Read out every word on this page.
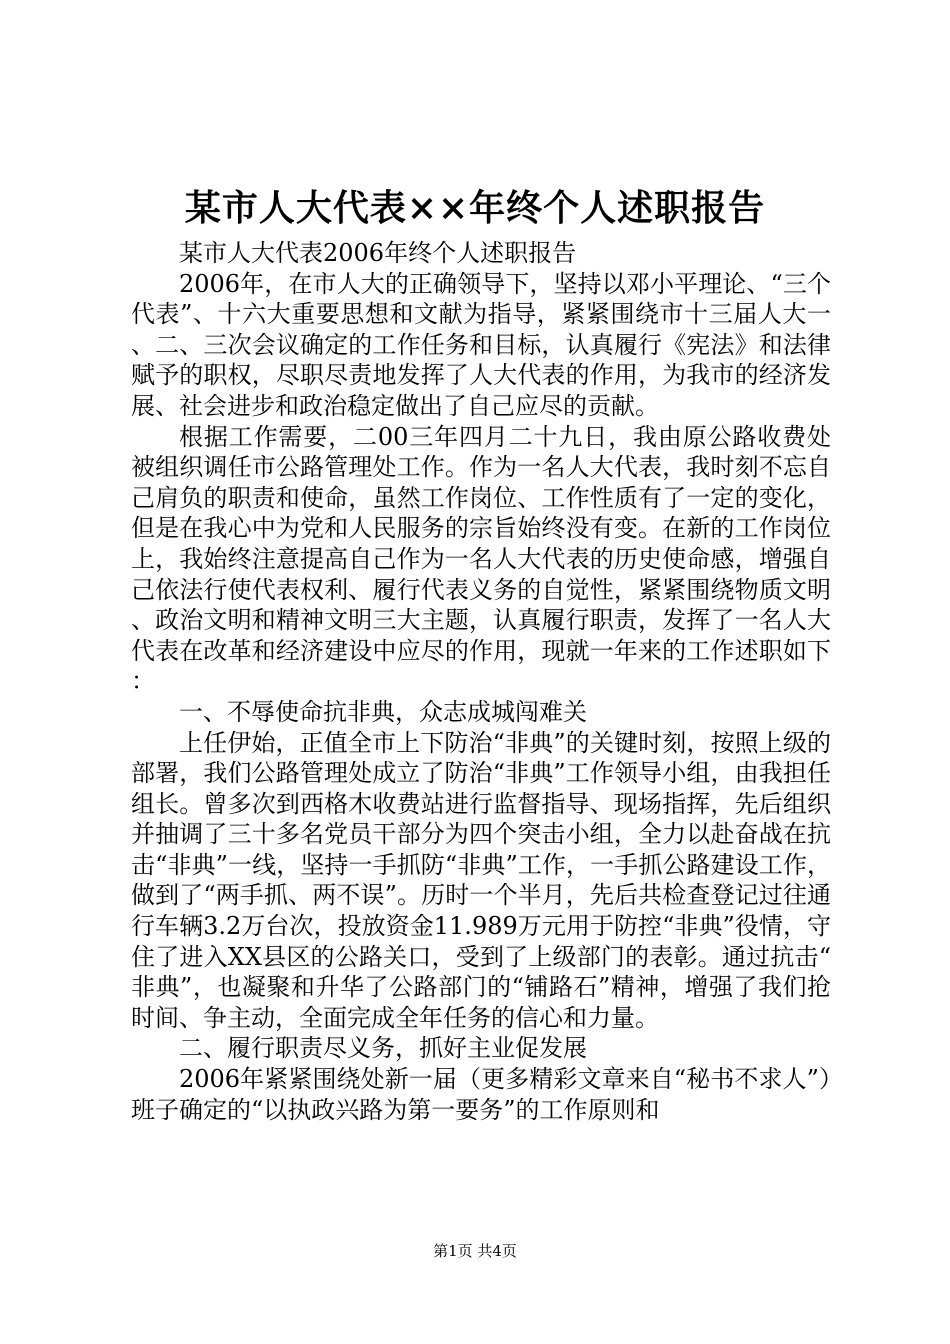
某市人大代表××年终个人述职报告

某市人大代表2006年终个人述职报告

2006年，在市人大的正确领导下，坚持以邓小平理论、“三个代表”、十六大重要思想和文献为指导，紧紧围绕市十三届人大一、二、三次会议确定的工作任务和目标，认真履行《宪法》和法律赋予的职权，尽职尽责地发挥了人大代表的作用，为我市的经济发展、社会进步和政治稳定做出了自己应尽的贡献。

根据工作需要，二00三年四月二十九日，我由原公路收费处被组织调任市公路管理处工作。作为一名人大代表，我时刻不忘自己肩负的职责和使命，虽然工作岗位、工作性质有了一定的变化，但是在我心中为党和人民服务的宗旨始终没有变。在新的工作岗位上，我始终注意提高自己作为一名人大代表的历史使命感，增强自己依法行使代表权利、履行代表义务的自觉性，紧紧围绕物质文明、政治文明和精神文明三大主题，认真履行职责，发挥了一名人大代表在改革和经济建设中应尽的作用，现就一年来的工作述职如下：

一、不辱使命抗非典，众志成城闯难关

上任伊始，正值全市上下防治“非典”的关键时刻，按照上级的部署，我们公路管理处成立了防治“非典”工作领导小组，由我担任组长。曾多次到西格木收费站进行监督指导、现场指挥，先后组织并抽调了三十多名党员干部分为四个突击小组，全力以赴奋战在抗击“非典”一线，坚持一手抓防“非典”工作，一手抓公路建设工作，做到了“两手抓、两不误”。历时一个半月，先后共检查登记过往通行车辆3.2万台次，投放资金11.989万元用于防控“非典”役情，守住了进入XX县区的公路关口，受到了上级部门的表彰。通过抗击“非典”，也凝聚和升华了公路部门的“铺路石”精神，增强了我们抢时间、争主动，全面完成全年任务的信心和力量。

二、履行职责尽义务，抓好主业促发展

2006年紧紧围绕处新一届（更多精彩文章来自“秘书不求人”）班子确定的“以执政兴路为第一要务”的工作原则和

第1页 共4页
